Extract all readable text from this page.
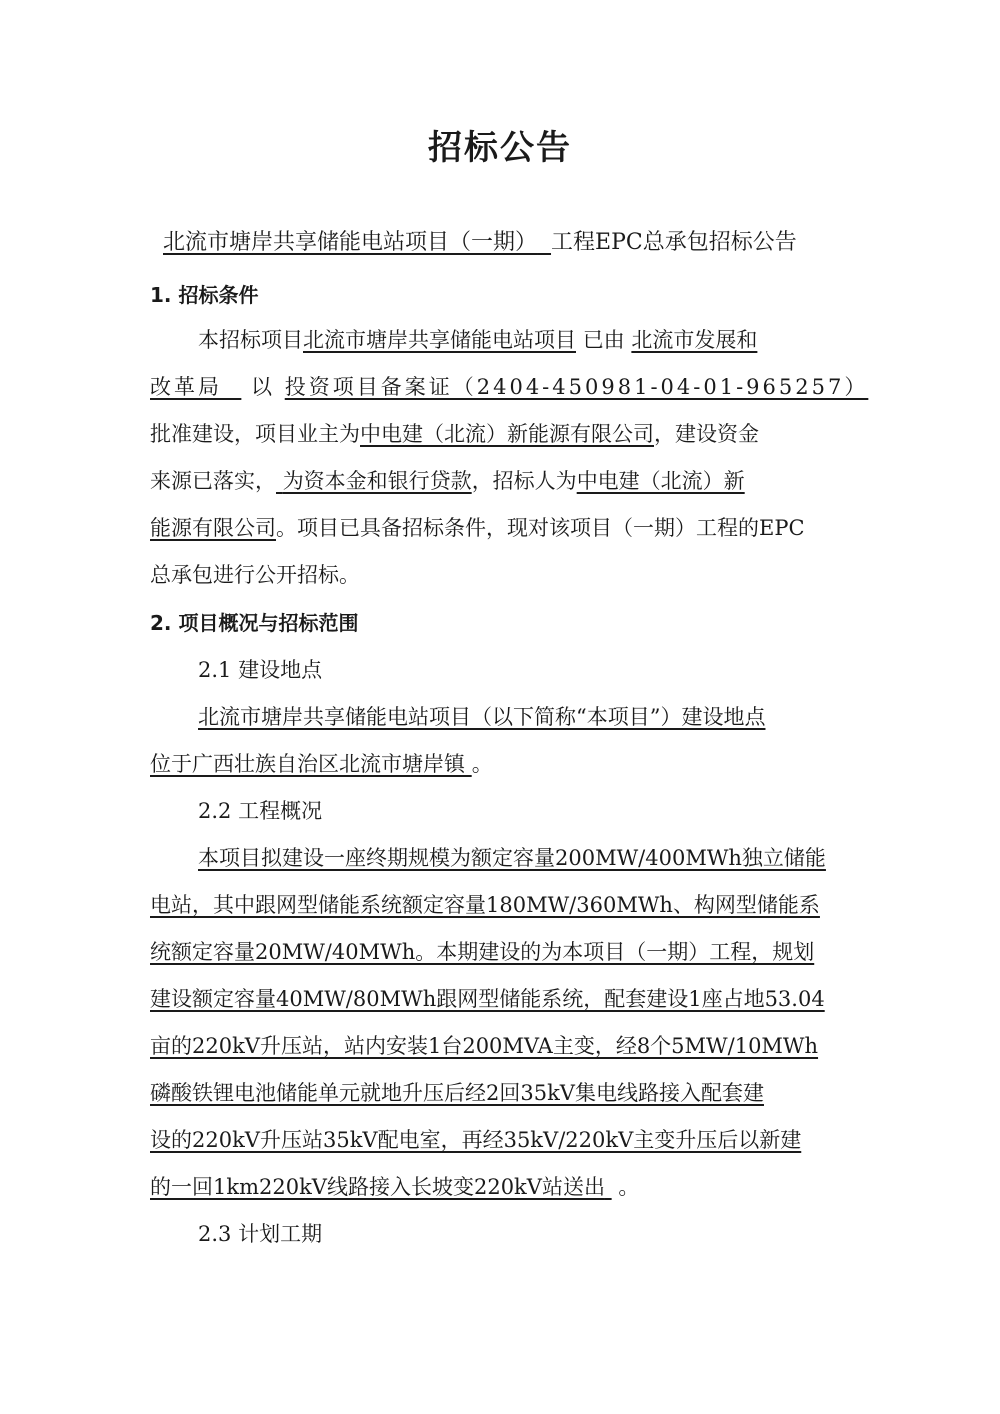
招标公告
北流市塘岸共享储能电站项目（一期） 工程EPC总承包招标公告
1. 招标条件
本招标项目北流市塘岸共享储能电站项目 已由 北流市发展和
改革局 以 投资项目备案证（2404-450981-04-01-965257）
批准建设，项目业主为中电建（北流）新能源有限公司，建设资金
来源已落实， 为资本金和银行贷款，招标人为中电建（北流）新
能源有限公司。项目已具备招标条件，现对该项目（一期）工程的EPC
总承包进行公开招标。
2. 项目概况与招标范围
2.1 建设地点
北流市塘岸共享储能电站项目（以下简称“本项目”）建设地点
位于广西壮族自治区北流市塘岸镇 。
2.2 工程概况
本项目拟建设一座终期规模为额定容量200MW/400MWh独立储能
电站，其中跟网型储能系统额定容量180MW/360MWh、构网型储能系
统额定容量20MW/40MWh。本期建设的为本项目（一期）工程，规划
建设额定容量40MW/80MWh跟网型储能系统，配套建设1座占地53.04
亩的220kV升压站，站内安装1台200MVA主变，经8个5MW/10MWh
磷酸铁锂电池储能单元就地升压后经2回35kV集电线路接入配套建
设的220kV升压站35kV配电室，再经35kV/220kV主变升压后以新建
的一回1km220kV线路接入长坡变220kV站送出 。
2.3 计划工期
